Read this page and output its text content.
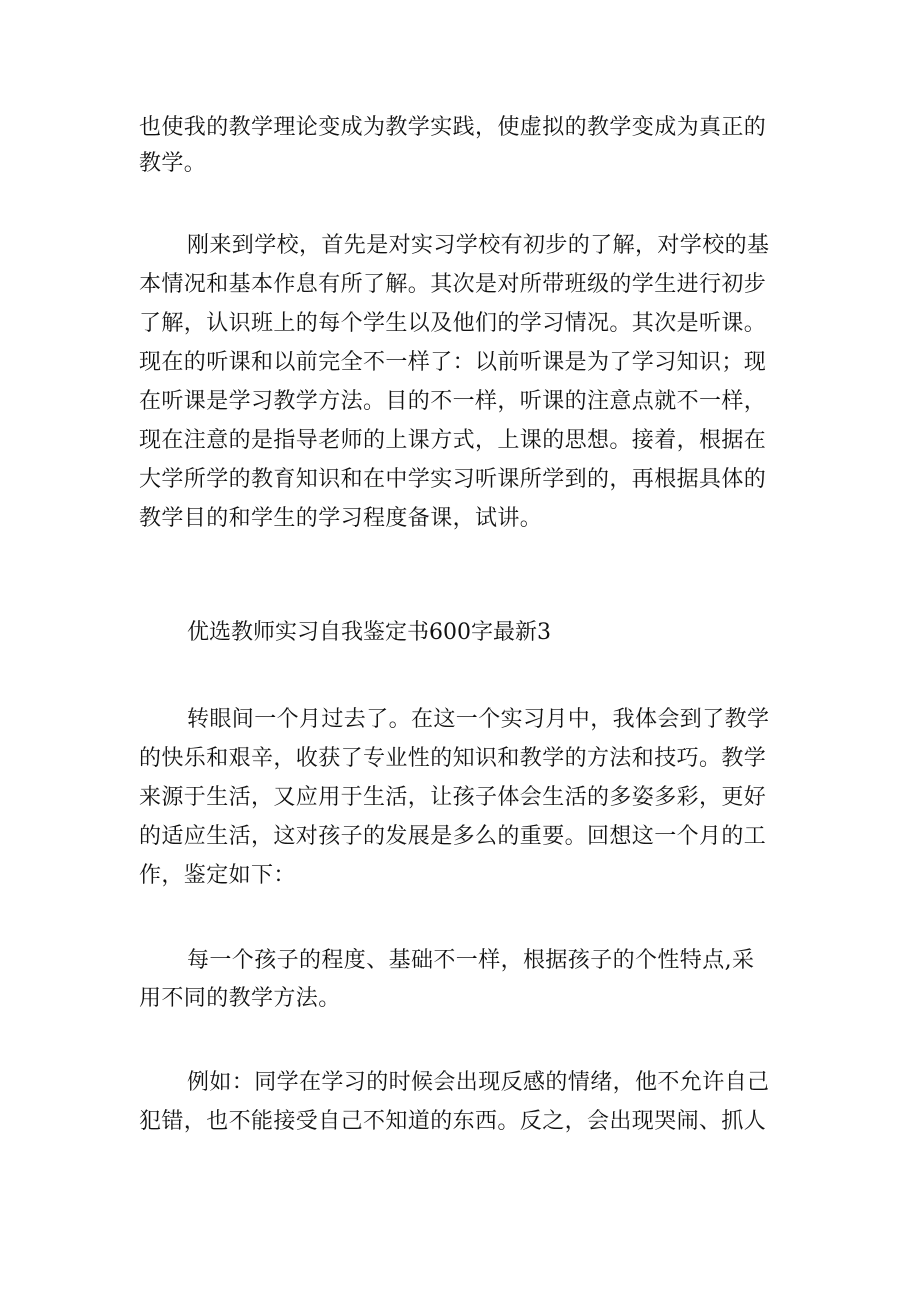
也使我的教学理论变成为教学实践，使虚拟的教学变成为真正的

教学。

刚来到学校，首先是对实习学校有初步的了解，对学校的基

本情况和基本作息有所了解。其次是对所带班级的学生进行初步

了解，认识班上的每个学生以及他们的学习情况。其次是听课。

现在的听课和以前完全不一样了：以前听课是为了学习知识；现

在听课是学习教学方法。目的不一样，听课的注意点就不一样，

现在注意的是指导老师的上课方式，上课的思想。接着，根据在

大学所学的教育知识和在中学实习听课所学到的，再根据具体的

教学目的和学生的学习程度备课，试讲。

优选教师实习自我鉴定书600字最新3

转眼间一个月过去了。在这一个实习月中，我体会到了教学

的快乐和艰辛，收获了专业性的知识和教学的方法和技巧。教学

来源于生活，又应用于生活，让孩子体会生活的多姿多彩，更好

的适应生活，这对孩子的发展是多么的重要。回想这一个月的工

作，鉴定如下：

每一个孩子的程度、基础不一样，根据孩子的个性特点,采

用不同的教学方法。

例如：同学在学习的时候会出现反感的情绪，他不允许自己

犯错，也不能接受自己不知道的东西。反之，会出现哭闹、抓人
